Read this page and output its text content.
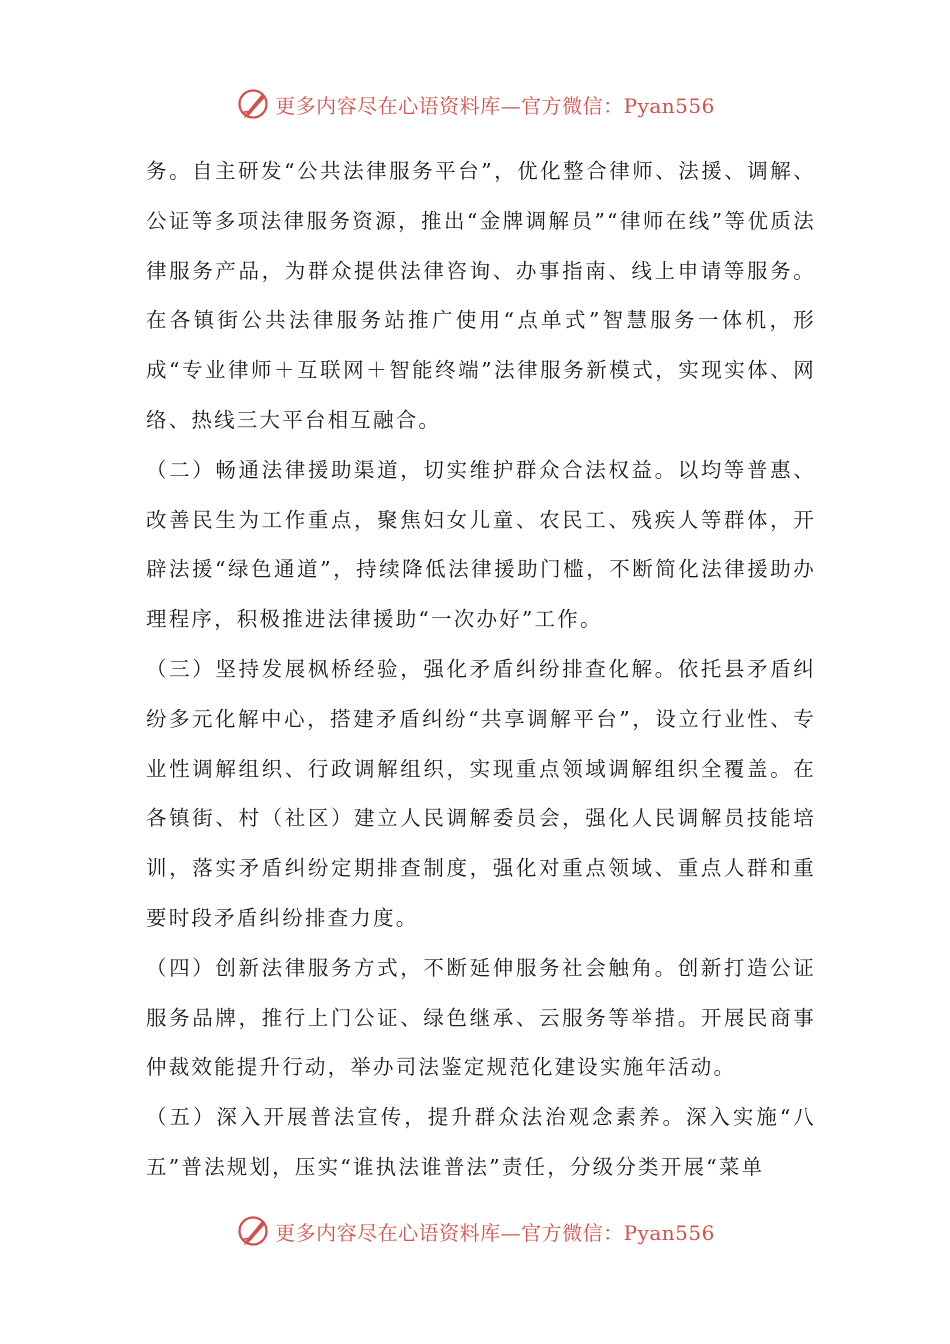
更多内容尽在心语资料库—官方微信：Pyan556

务。自主研发“公共法律服务平台”，优化整合律师、法援、调解、公证等多项法律服务资源，推出“金牌调解员”“律师在线”等优质法律服务产品，为群众提供法律咨询、办事指南、线上申请等服务。在各镇街公共法律服务站推广使用“点单式”智慧服务一体机，形成“专业律师＋互联网＋智能终端”法律服务新模式，实现实体、网络、热线三大平台相互融合。

（二）畅通法律援助渠道，切实维护群众合法权益。以均等普惠、改善民生为工作重点，聚焦妇女儿童、农民工、残疾人等群体，开辟法援“绿色通道”，持续降低法律援助门槛，不断简化法律援助办理程序，积极推进法律援助“一次办好”工作。

（三）坚持发展枫桥经验，强化矛盾纠纷排查化解。依托县矛盾纠纷多元化解中心，搭建矛盾纠纷“共享调解平台”，设立行业性、专业性调解组织、行政调解组织，实现重点领域调解组织全覆盖。在各镇街、村（社区）建立人民调解委员会，强化人民调解员技能培训，落实矛盾纠纷定期排查制度，强化对重点领域、重点人群和重要时段矛盾纠纷排查力度。

（四）创新法律服务方式，不断延伸服务社会触角。创新打造公证服务品牌，推行上门公证、绿色继承、云服务等举措。开展民商事仲裁效能提升行动，举办司法鉴定规范化建设实施年活动。

（五）深入开展普法宣传，提升群众法治观念素养。深入实施“八五”普法规划，压实“谁执法谁普法”责任，分级分类开展“菜单

更多内容尽在心语资料库—官方微信：Pyan556
